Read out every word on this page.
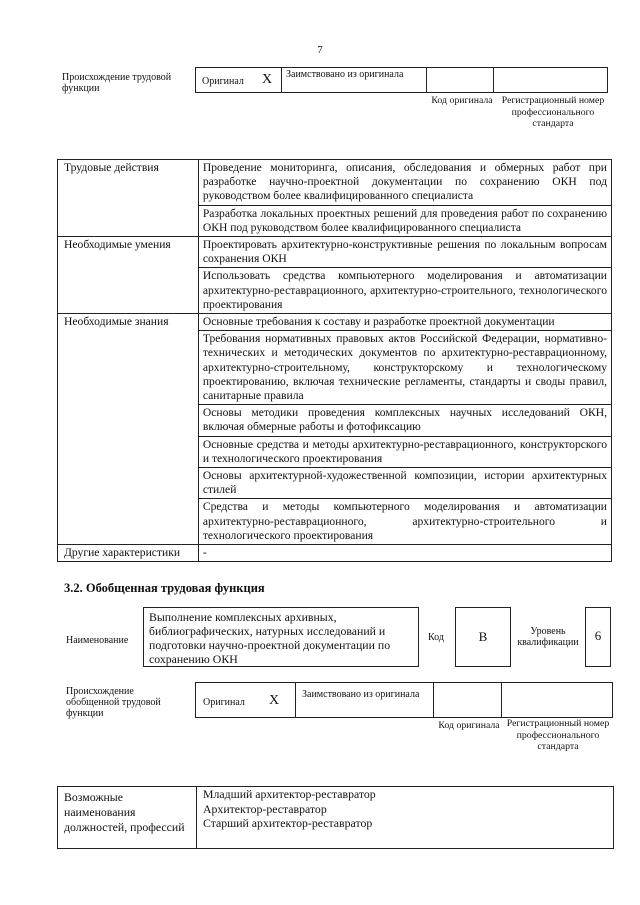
7
Происхождение трудовой функции
Оригинал X Заимствовано из оригинала
Код оригинала Регистрационный номер профессионального стандарта
Трудовые действия	Проведение мониторинга, описания, обследования и обмерных работ при разработке научно-проектной документации по сохранению ОКН под руководством более квалифицированного специалиста
	Разработка локальных проектных решений для проведения работ по сохранению ОКН под руководством более квалифицированного специалиста
Необходимые умения	Проектировать архитектурно-конструктивные решения по локальным вопросам сохранения ОКН
	Использовать средства компьютерного моделирования и автоматизации архитектурно-реставрационного, архитектурно-строительного, технологического проектирования
Необходимые знания	Основные требования к составу и разработке проектной документации
	Требования нормативных правовых актов Российской Федерации, нормативно-технических и методических документов по архитектурно-реставрационному, архитектурно-строительному, конструкторскому и технологическому проектированию, включая технические регламенты, стандарты и своды правил, санитарные правила
	Основы методики проведения комплексных научных исследований ОКН, включая обмерные работы и фотофиксацию
	Основные средства и методы архитектурно-реставрационного, конструкторского и технологического проектирования
	Основы архитектурной-художественной композиции, истории архитектурных стилей
	Средства и методы компьютерного моделирования и автоматизации архитектурно-реставрационного, архитектурно-строительного и технологического проектирования
Другие характеристики	-
3.2. Обобщенная трудовая функция
Наименование
Выполнение комплексных архивных, библиографических, натурных исследований и подготовки научно-проектной документации по сохранению ОКН
Код	B	Уровень квалификации	6
Происхождение обобщенной трудовой функции
Оригинал X Заимствовано из оригинала
Код оригинала Регистрационный номер профессионального стандарта
Возможные наименования должностей, профессий
Младший архитектор-реставратор
Архитектор-реставратор
Старший архитектор-реставратор
